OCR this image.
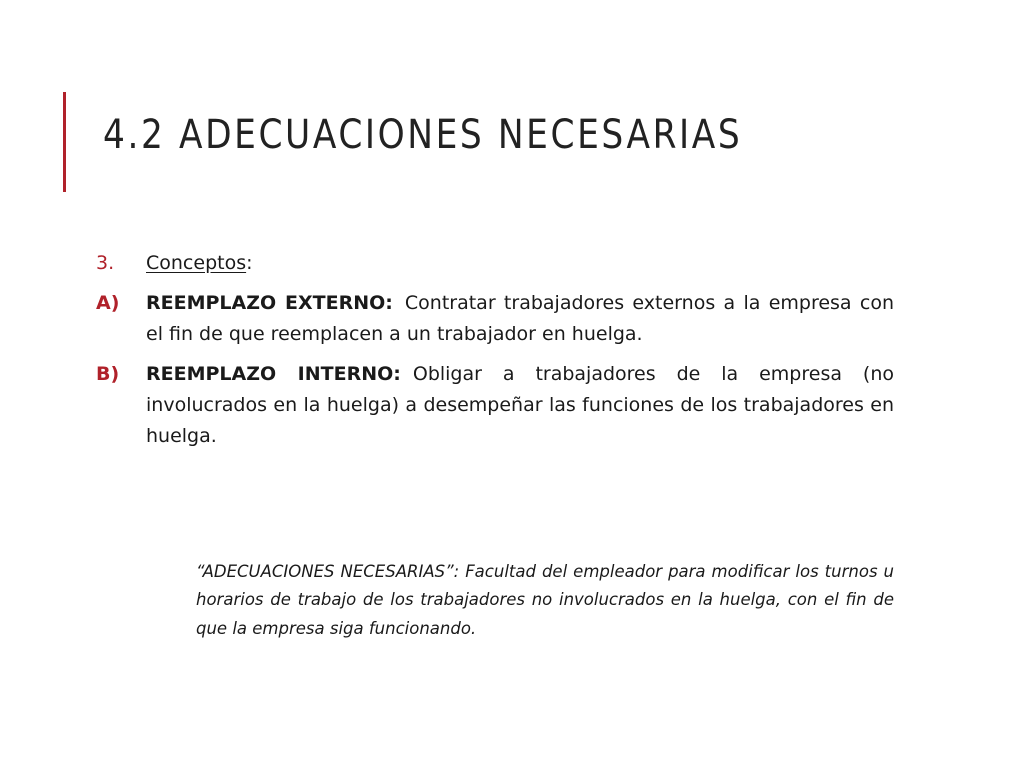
4.2 ADECUACIONES NECESARIAS
3.	Conceptos:
A)	REEMPLAZO EXTERNO: Contratar trabajadores externos a la empresa con el fin de que reemplacen a un trabajador en huelga.
B)	REEMPLAZO INTERNO: Obligar a trabajadores de la empresa (no involucrados en la huelga) a desempeñar las funciones de los trabajadores en huelga.

“ADECUACIONES NECESARIAS”: Facultad del empleador para modificar los turnos u horarios de trabajo de los trabajadores no involucrados en la huelga, con el fin de que la empresa siga funcionando.
